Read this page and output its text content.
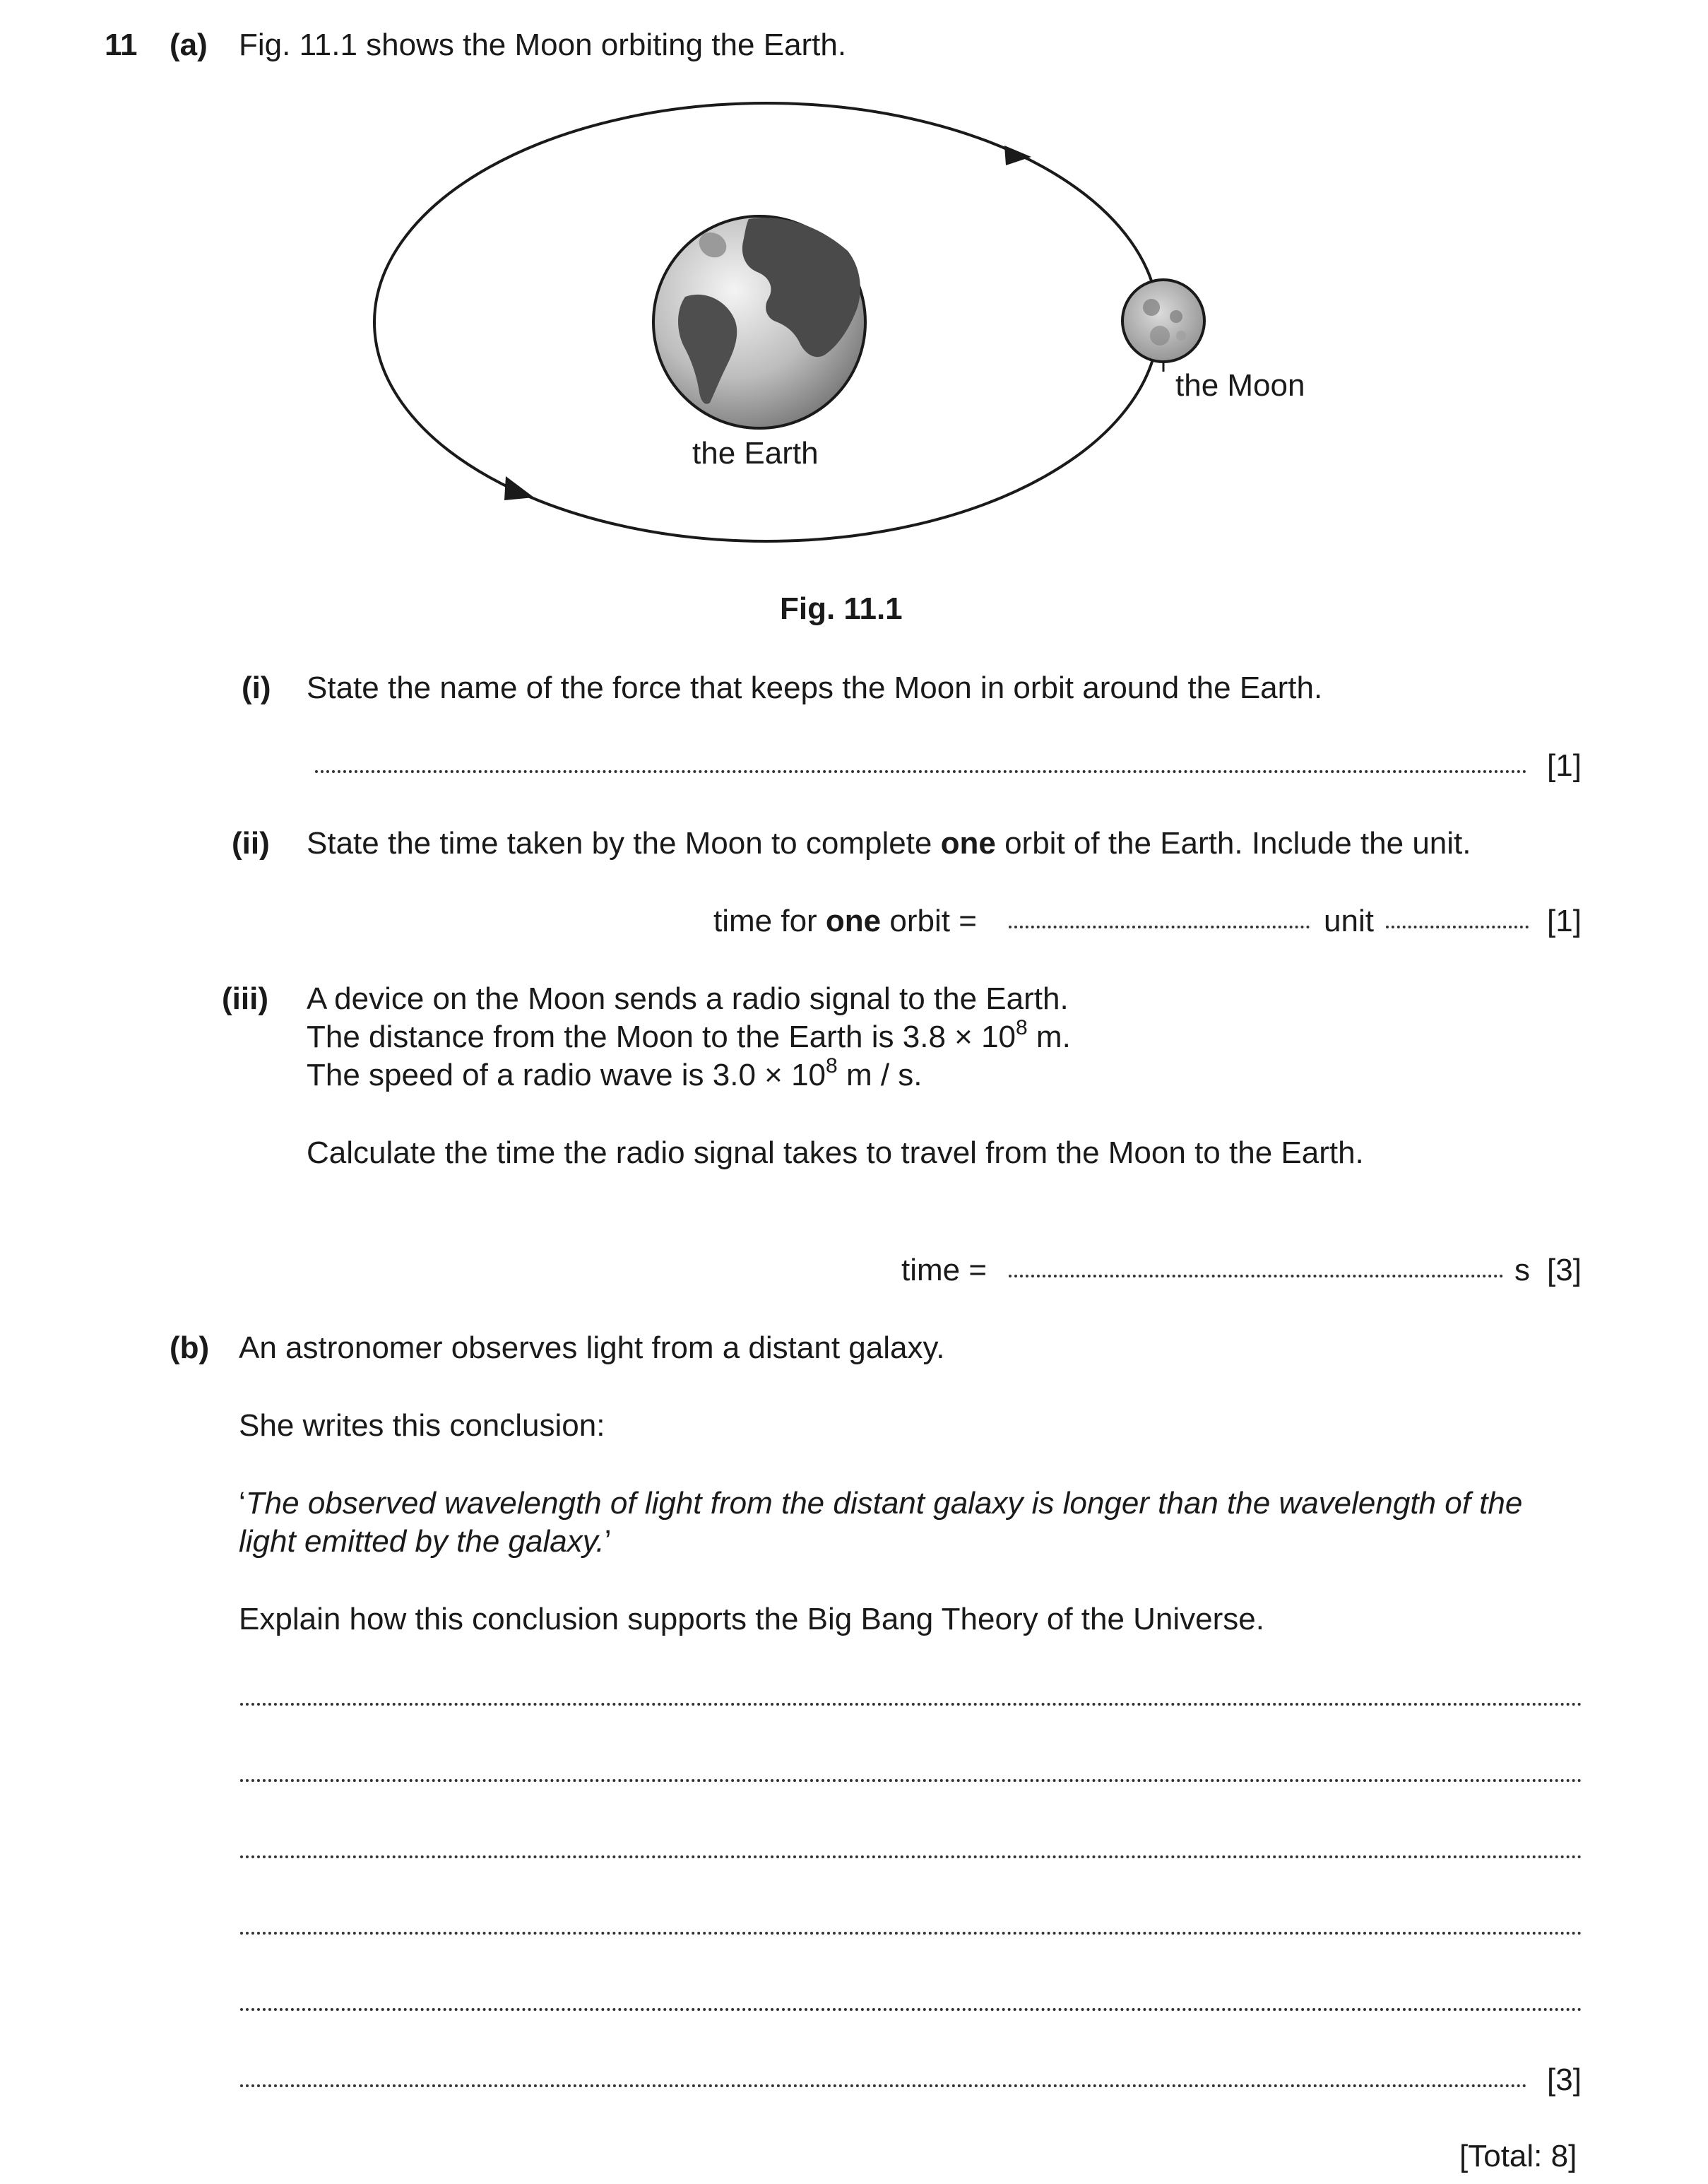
11 (a) Fig. 11.1 shows the Moon orbiting the Earth.
the Earth
the Moon
Fig. 11.1
(i) State the name of the force that keeps the Moon in orbit around the Earth.
[1]
(ii) State the time taken by the Moon to complete one orbit of the Earth. Include the unit.
time for one orbit =	unit	[1]
(iii) A device on the Moon sends a radio signal to the Earth.
The distance from the Moon to the Earth is $3.8 \times 10^8$ m.
The speed of a radio wave is $3.0 \times 10^8$ m / s.
Calculate the time the radio signal takes to travel from the Moon to the Earth.
time =	s [3]
(b) An astronomer observes light from a distant galaxy.
She writes this conclusion:
‘The observed wavelength of light from the distant galaxy is longer than the wavelength of the
light emitted by the galaxy.’
Explain how this conclusion supports the Big Bang Theory of the Universe.
[3]
[Total: 8]
